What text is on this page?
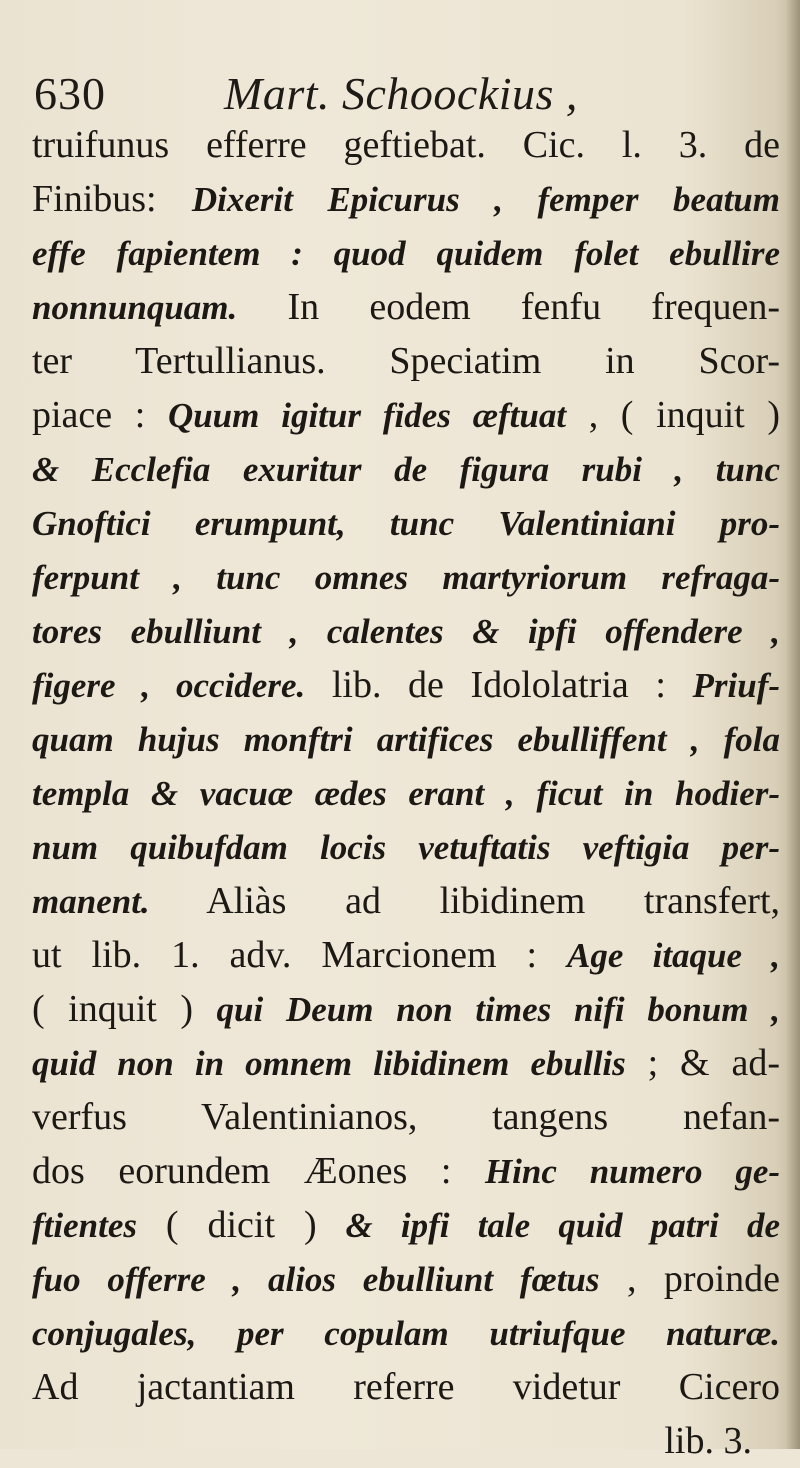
630	Mart. Schoockius ,
truifunus efferre geftiebat. Cic. l. 3. de
Finibus: Dixerit Epicurus , femper beatum
effe fapientem : quod quidem folet ebullire
nonnunquam. In eodem fenfu frequen-
ter Tertullianus. Speciatim in Scor-
piace : Quum igitur fides æftuat , ( inquit )
& Ecclefia exuritur de figura rubi , tunc
Gnoftici erumpunt, tunc Valentiniani pro-
ferpunt , tunc omnes martyriorum refraga-
tores ebulliunt , calentes & ipfi offendere ,
figere , occidere. lib. de Idololatria : Priuf-
quam hujus monftri artifices ebulliffent , fola
templa & vacuæ ædes erant , ficut in hodier-
num quibufdam locis vetuftatis veftigia per-
manent. Aliàs ad libidinem transfert,
ut lib. 1. adv. Marcionem : Age itaque ,
( inquit ) qui Deum non times nifi bonum ,
quid non in omnem libidinem ebullis ; & ad-
verfus Valentinianos, tangens nefan-
dos eorundem Æones : Hinc numero ge-
ftientes ( dicit ) & ipfi tale quid patri de
fuo offerre , alios ebulliunt fœtus , proinde
conjugales, per copulam utriufque naturæ.
Ad jactantiam referre videtur Cicero
lib. 3.
